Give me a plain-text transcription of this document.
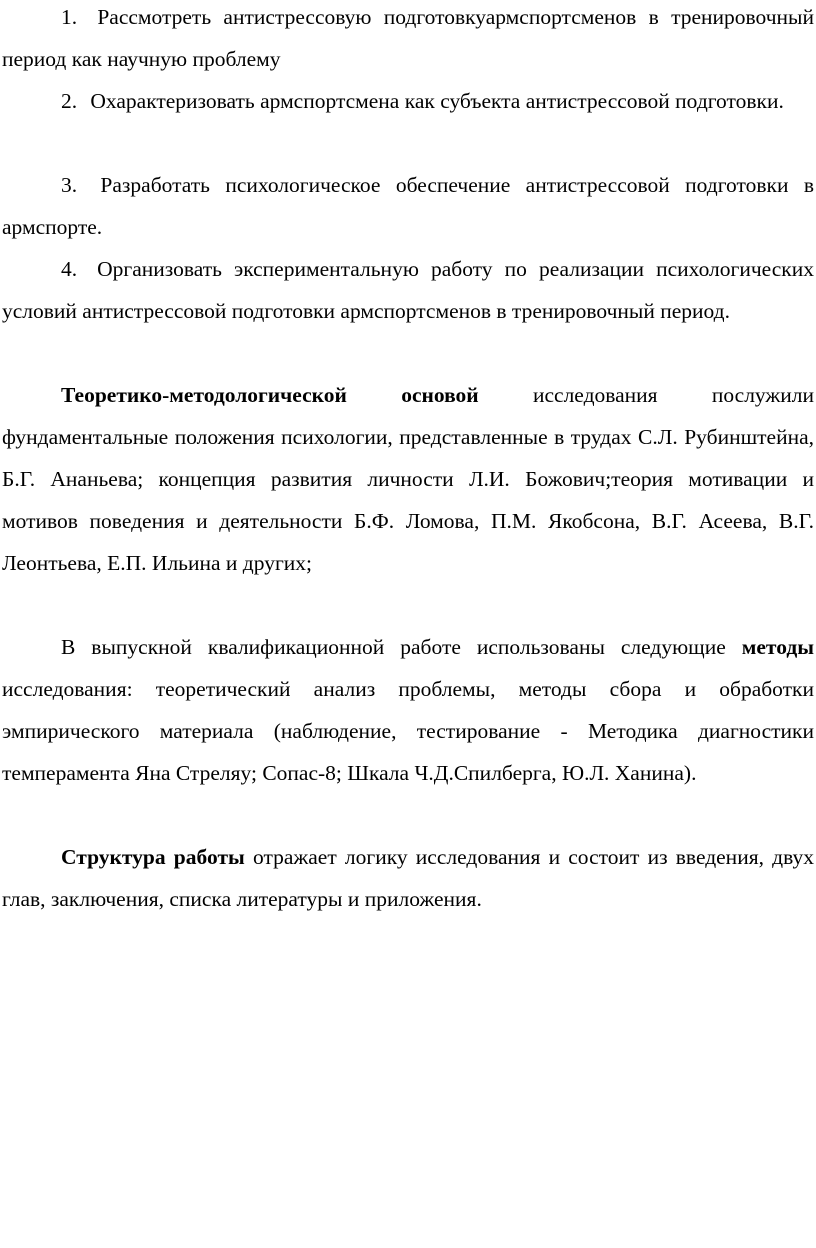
1. Рассмотреть антистрессовую подготовкуармспортсменов в тренировочный период как научную проблему

2. Охарактеризовать армспортсмена как субъекта антистрессовой подготовки.

3. Разработать психологическое обеспечение антистрессовой подготовки в армспорте.

4. Организовать экспериментальную работу по реализации психологических условий антистрессовой подготовки армспортсменов в тренировочный период.

Теоретико-методологической основой исследования послужили фундаментальные положения психологии, представленные в трудах С.Л. Рубинштейна, Б.Г. Ананьева; концепция развития личности Л.И. Божович;теория мотивации и мотивов поведения и деятельности Б.Ф. Ломова, П.М. Якобсона, В.Г. Асеева, В.Г. Леонтьева, Е.П. Ильина и других;

В выпускной квалификационной работе использованы следующие методы исследования: теоретический анализ проблемы, методы сбора и обработки эмпирического материала (наблюдение, тестирование - Методика диагностики темперамента Яна Стреляу; Сопас-8; Шкала Ч.Д.Спилберга, Ю.Л. Ханина).

Структура работы отражает логику исследования и состоит из введения, двух глав, заключения, списка литературы и приложения.
